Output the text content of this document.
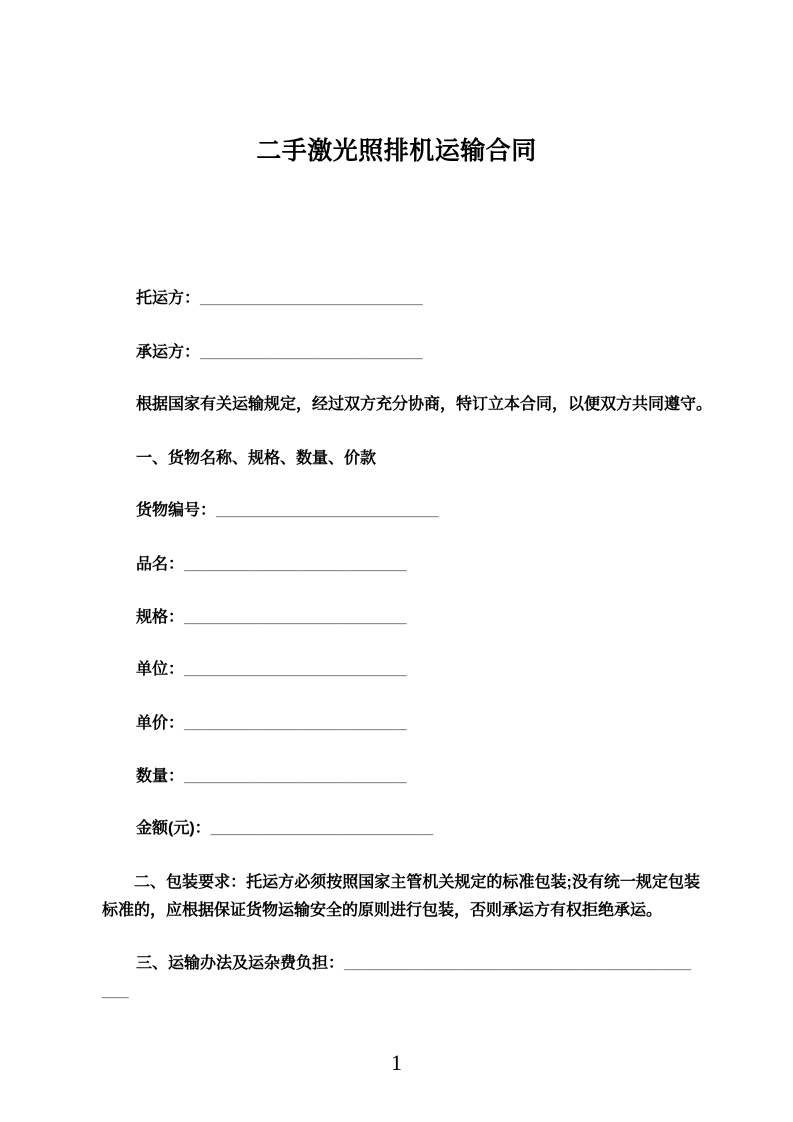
二手激光照排机运输合同
托运方：_________________________
承运方：_________________________
根据国家有关运输规定，经过双方充分协商，特订立本合同，以便双方共同遵守。
一、货物名称、规格、数量、价款
货物编号：_________________________
品名：_________________________
规格：_________________________
单位：_________________________
单价：_________________________
数量：_________________________
金额(元)：_________________________
二、包装要求：托运方必须按照国家主管机关规定的标准包装;没有统一规定包装标准的，应根据保证货物运输安全的原则进行包装，否则承运方有权拒绝承运。
三、运输办法及运杂费负担：_______________________________________
___
1
